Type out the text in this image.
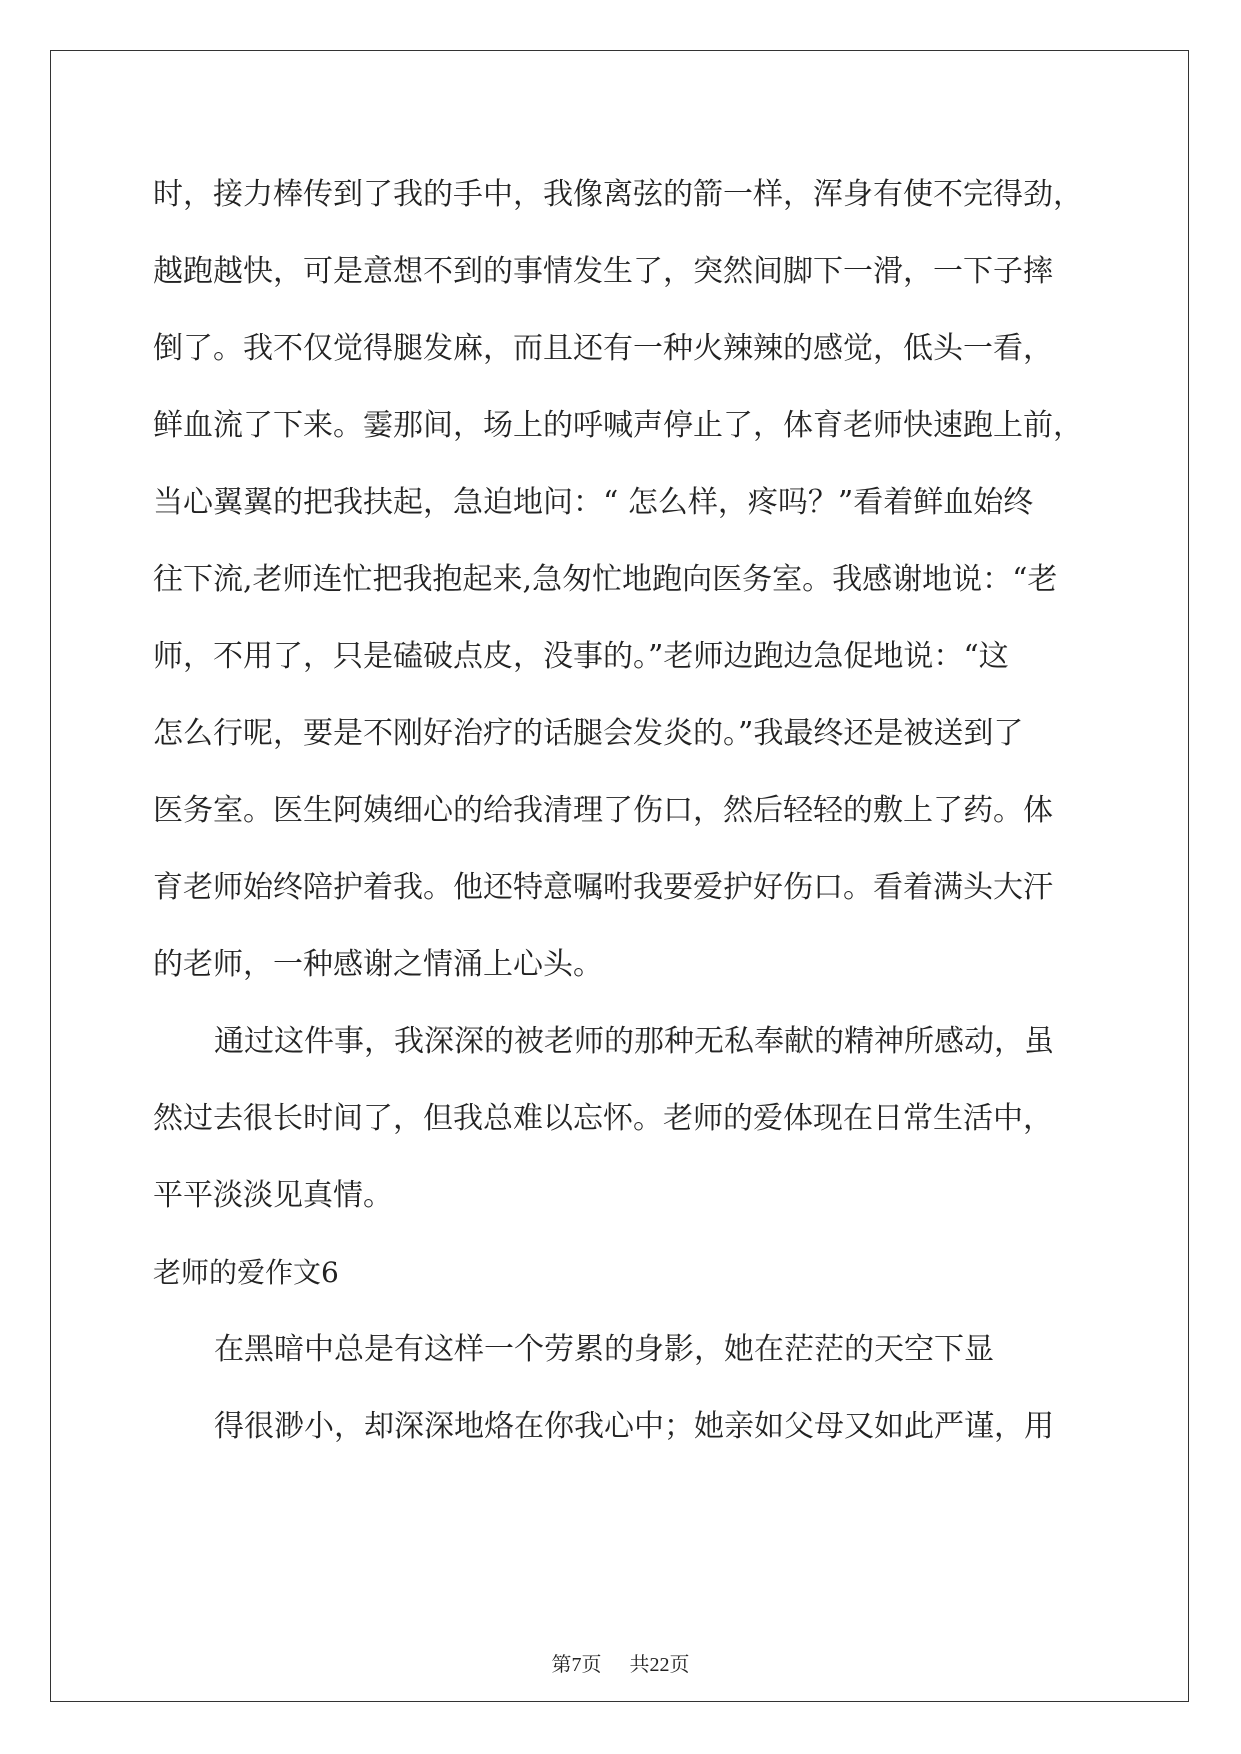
时，接力棒传到了我的手中，我像离弦的箭一样，浑身有使不完得劲，

越跑越快，可是意想不到的事情发生了，突然间脚下一滑，一下子摔

倒了。我不仅觉得腿发麻，而且还有一种火辣辣的感觉，低头一看，

鲜血流了下来。霎那间，场上的呼喊声停止了，体育老师快速跑上前，

当心翼翼的把我扶起，急迫地问：“ 怎么样，疼吗？”看着鲜血始终

往下流,老师连忙把我抱起来,急匆忙地跑向医务室。我感谢地说：“老

师，不用了，只是磕破点皮，没事的。”老师边跑边急促地说：“这

怎么行呢，要是不刚好治疗的话腿会发炎的。”我最终还是被送到了

医务室。医生阿姨细心的给我清理了伤口，然后轻轻的敷上了药。体

育老师始终陪护着我。他还特意嘱咐我要爱护好伤口。看着满头大汗

的老师，一种感谢之情涌上心头。

通过这件事，我深深的被老师的那种无私奉献的精神所感动，虽

然过去很长时间了，但我总难以忘怀。老师的爱体现在日常生活中，

平平淡淡见真情。

老师的爱作文6

在黑暗中总是有这样一个劳累的身影，她在茫茫的天空下显

得很渺小，却深深地烙在你我心中；她亲如父母又如此严谨，用

第7页 共22页
